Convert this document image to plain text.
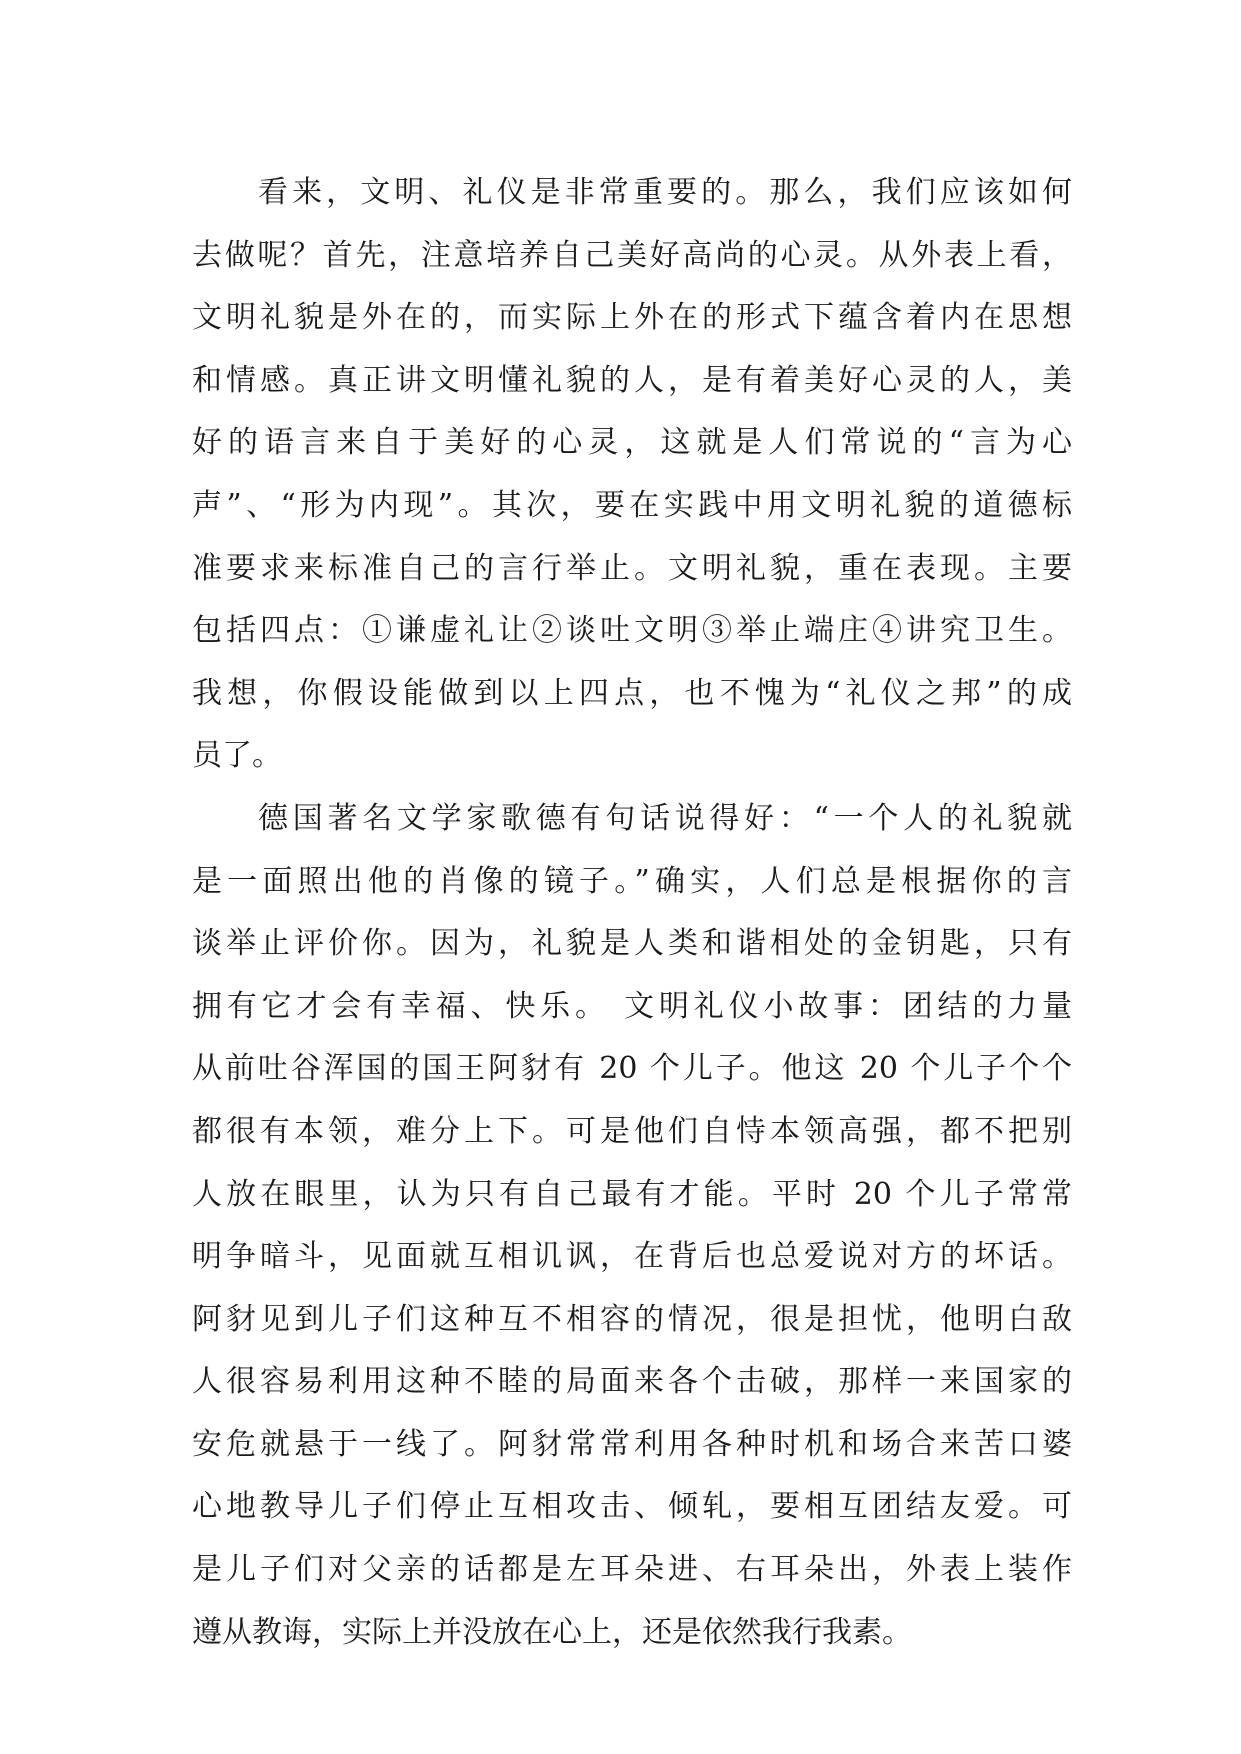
看来，文明、礼仪是非常重要的。那么，我们应该如何
去做呢？首先，注意培养自己美好高尚的心灵。从外表上看，
文明礼貌是外在的，而实际上外在的形式下蕴含着内在思想
和情感。真正讲文明懂礼貌的人，是有着美好心灵的人，美
好的语言来自于美好的心灵，这就是人们常说的“言为心
声”、“形为内现”。其次，要在实践中用文明礼貌的道德标
准要求来标准自己的言行举止。文明礼貌，重在表现。主要
包括四点：①谦虚礼让②谈吐文明③举止端庄④讲究卫生。
我想，你假设能做到以上四点，也不愧为“礼仪之邦”的成
员了。
德国著名文学家歌德有句话说得好：“一个人的礼貌就
是一面照出他的肖像的镜子。”确实，人们总是根据你的言
谈举止评价你。因为，礼貌是人类和谐相处的金钥匙，只有
拥有它才会有幸福、快乐。 文明礼仪小故事：团结的力量
从前吐谷浑国的国王阿豺有 20 个儿子。他这 20 个儿子个个
都很有本领，难分上下。可是他们自恃本领高强，都不把别
人放在眼里，认为只有自己最有才能。平时 20 个儿子常常
明争暗斗，见面就互相讥讽，在背后也总爱说对方的坏话。
阿豺见到儿子们这种互不相容的情况，很是担忧，他明白敌
人很容易利用这种不睦的局面来各个击破，那样一来国家的
安危就悬于一线了。阿豺常常利用各种时机和场合来苦口婆
心地教导儿子们停止互相攻击、倾轧，要相互团结友爱。可
是儿子们对父亲的话都是左耳朵进、右耳朵出，外表上装作
遵从教诲，实际上并没放在心上，还是依然我行我素。
